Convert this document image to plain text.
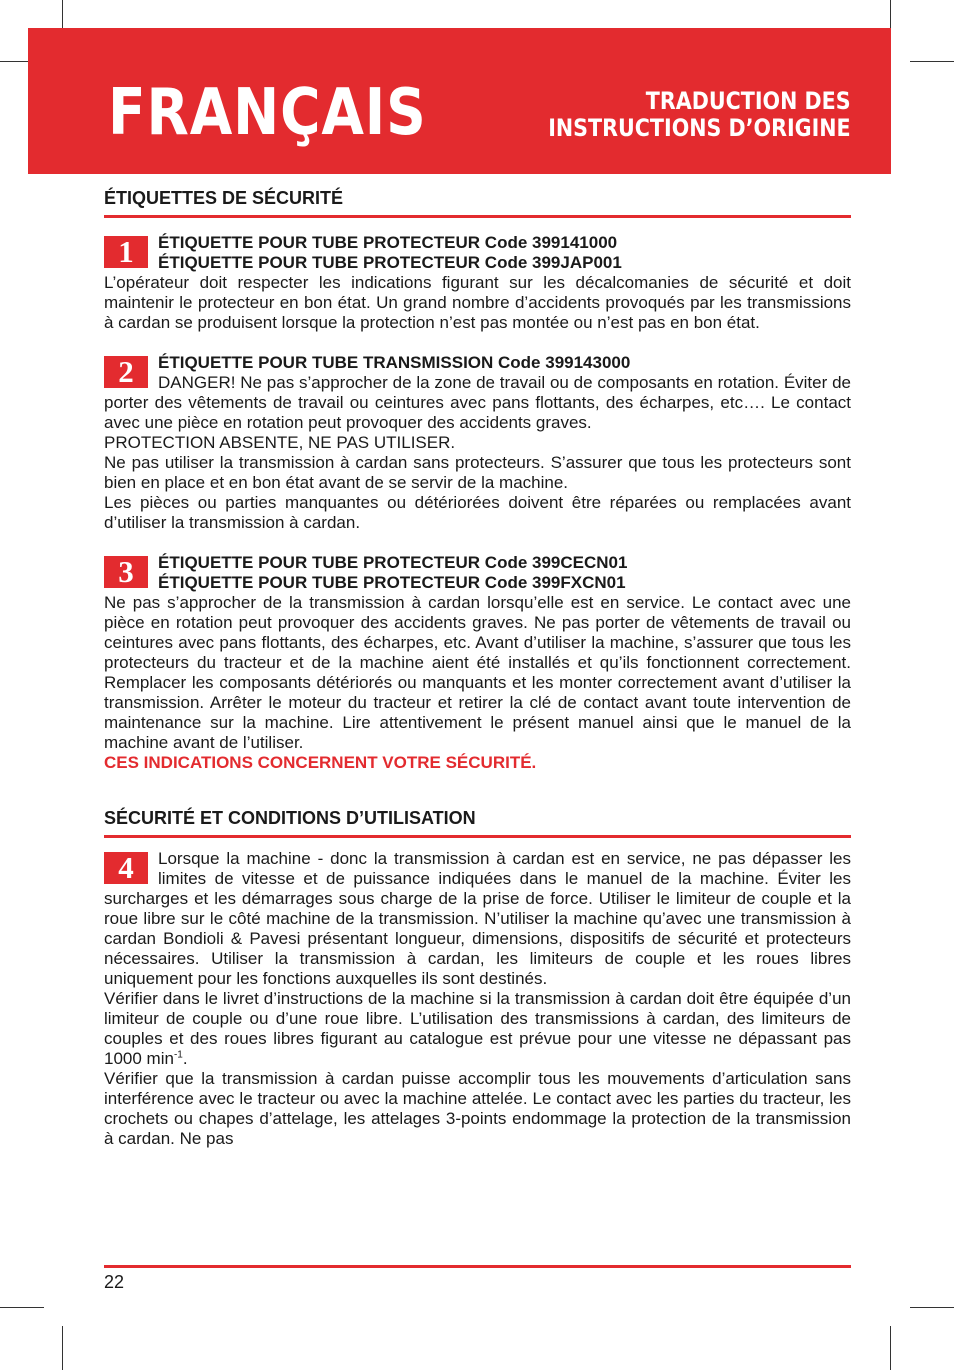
FRANÇAIS	TRADUCTION DES
INSTRUCTIONS D’ORIGINE
ÉTIQUETTES DE SÉCURITÉ
1	ÉTIQUETTE POUR TUBE PROTECTEUR Code 399141000
ÉTIQUETTE POUR TUBE PROTECTEUR Code 399JAP001

L’opérateur doit respecter les indications figurant sur les décalcomanies de sécurité et doit maintenir le protecteur en bon état. Un grand nombre d’accidents provoqués par les transmissions à cardan se produisent lorsque la protection n’est pas montée ou n’est pas en bon état.

2	ÉTIQUETTE POUR TUBE TRANSMISSION Code 399143000

DANGER! Ne pas s’approcher de la zone de travail ou de composants en rotation. Éviter de porter des vêtements de travail ou ceintures avec pans flottants, des écharpes, etc…. Le contact avec une pièce en rotation peut provoquer des accidents graves.

PROTECTION ABSENTE, NE PAS UTILISER.

Ne pas utiliser la transmission à cardan sans protecteurs. S’assurer que tous les protecteurs sont bien en place et en bon état avant de se servir de la machine.

Les pièces ou parties manquantes ou détériorées doivent être réparées ou remplacées avant d’utiliser la transmission à cardan.

3	ÉTIQUETTE POUR TUBE PROTECTEUR Code 399CECN01
ÉTIQUETTE POUR TUBE PROTECTEUR Code 399FXCN01

Ne pas s’approcher de la transmission à cardan lorsqu’elle est en service. Le contact avec une pièce en rotation peut provoquer des accidents graves. Ne pas porter de vêtements de travail ou ceintures avec pans flottants, des écharpes, etc. Avant d’utiliser la machine, s’assurer que tous les protecteurs du tracteur et de la machine aient été installés et qu’ils fonctionnent correctement. Remplacer les composants détériorés ou manquants et les monter correctement avant d’utiliser la transmission. Arrêter le moteur du tracteur et retirer la clé de contact avant toute intervention de maintenance sur la machine. Lire attentivement le présent manuel ainsi que le manuel de la machine avant de l’utiliser.

CES INDICATIONS CONCERNENT VOTRE SÉCURITÉ.

SÉCURITÉ ET CONDITIONS D’UTILISATION
4	Lorsque la machine - donc la transmission à cardan est en service, ne pas dépasser les limites de vitesse et de puissance indiquées dans le manuel de la machine. Éviter les surcharges et les démarrages sous charge de la prise de force. Utiliser le limiteur de couple et la roue libre sur le côté machine de la transmission. N’utiliser la machine qu’avec une transmission à cardan Bondioli & Pavesi présentant longueur, dimensions, dispositifs de sécurité et protecteurs nécessaires. Utiliser la transmission à cardan, les limiteurs de couple et les roues libres uniquement pour les fonctions auxquelles ils sont destinés.

Vérifier dans le livret d’instructions de la machine si la transmission à cardan doit être équipée d’un limiteur de couple ou d’une roue libre. L’utilisation des transmissions à cardan, des limiteurs de couples et des roues libres figurant au catalogue est prévue pour une vitesse ne dépassant pas 1000 $\min^{-1}$.

Vérifier que la transmission à cardan puisse accomplir tous les mouvements d’articulation sans interférence avec le tracteur ou avec la machine attelée. Le contact avec les parties du tracteur, les crochets ou chapes d’attelage, les attelages 3-points endommage la protection de la transmission à cardan. Ne pas

22
